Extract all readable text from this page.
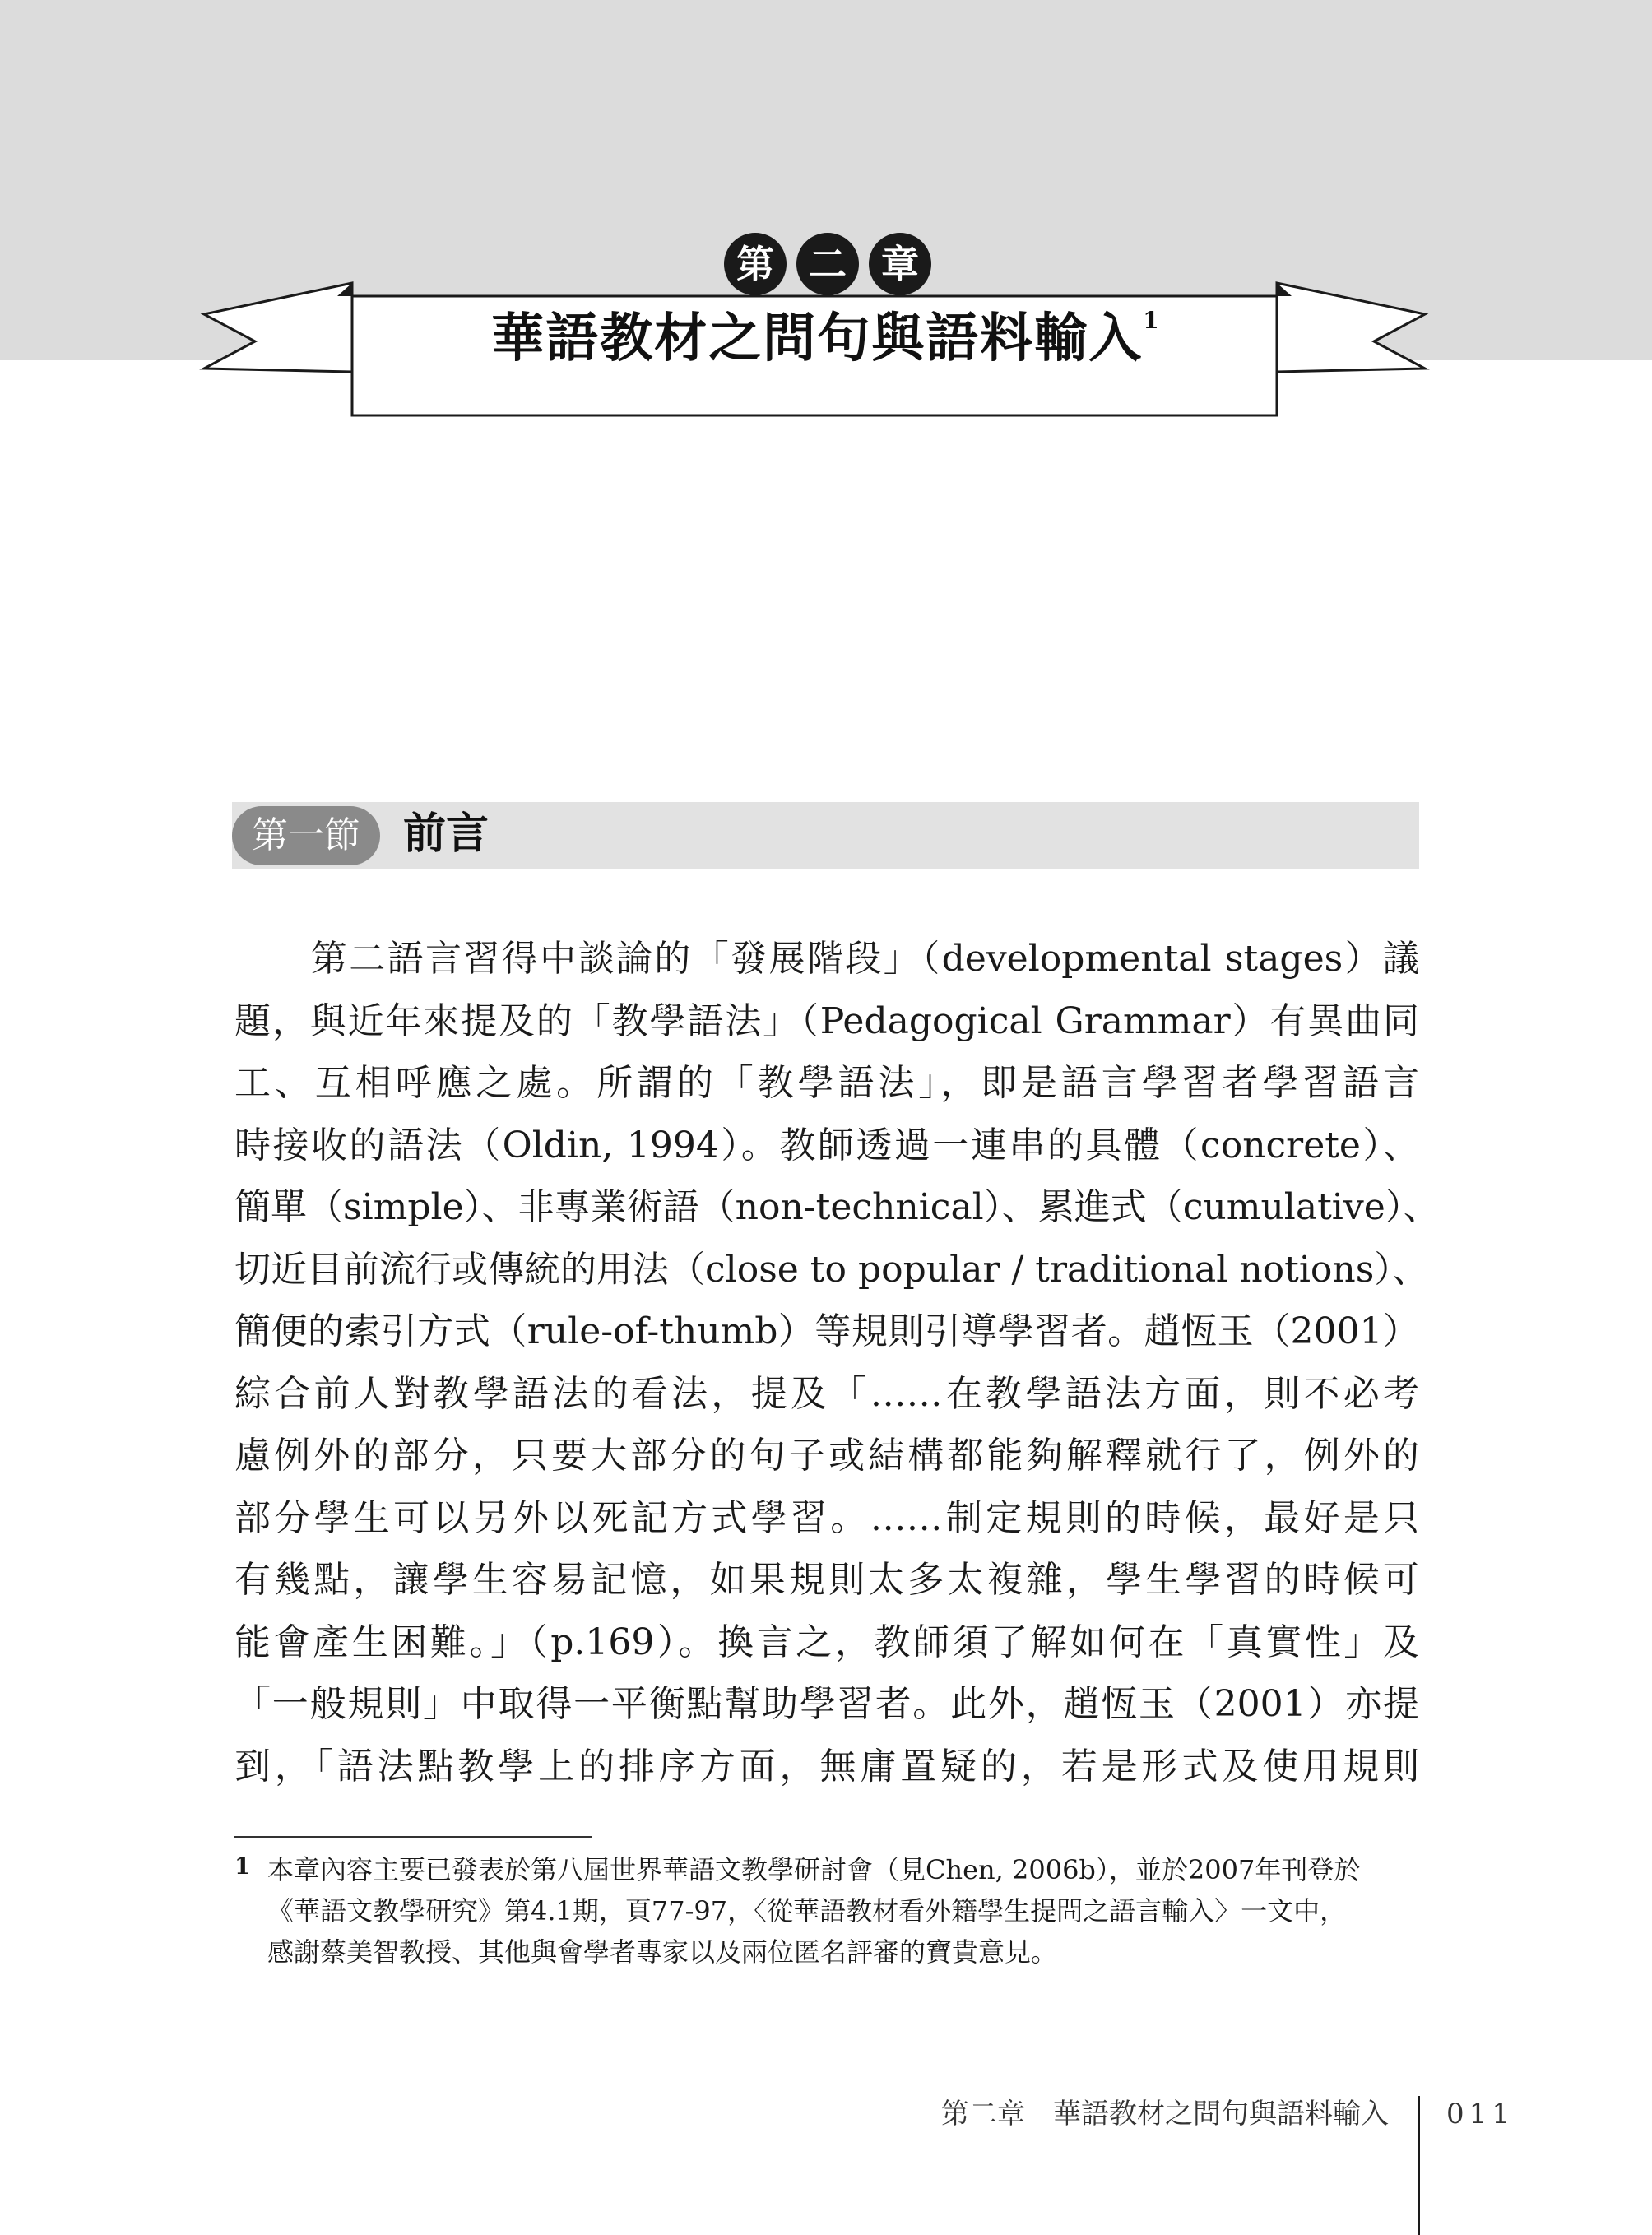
第 二 章
華語教材之問句與語料輸入$^1$
第一節	前言
　　第二語言習得中談論的「發展階段」（developmental stages）議
題，與近年來提及的「教學語法」（Pedagogical Grammar）有異曲同
工、互相呼應之處。所謂的「教學語法」，即是語言學習者學習語言
時接收的語法（Oldin, 1994）。教師透過一連串的具體（concrete）、
簡單（simple）、非專業術語（non-technical）、累進式（cumulative）、
切近目前流行或傳統的用法（close to popular / traditional notions）、
簡便的索引方式（rule-of-thumb）等規則引導學習者。趙恆玉（2001）
綜合前人對教學語法的看法，提及「……在教學語法方面，則不必考
慮例外的部分，只要大部分的句子或結構都能夠解釋就行了，例外的
部分學生可以另外以死記方式學習。……制定規則的時候，最好是只
有幾點，讓學生容易記憶，如果規則太多太複雜，學生學習的時候可
能會產生困難。」（p.169）。換言之，教師須了解如何在「真實性」及
「一般規則」中取得一平衡點幫助學習者。此外，趙恆玉（2001）亦提
到，「語法點教學上的排序方面，無庸置疑的，若是形式及使用規則
1 本章內容主要已發表於第八屆世界華語文教學研討會（見Chen, 2006b），並於2007年刊登於
《華語文教學研究》第4.1期，頁77-97，〈從華語教材看外籍學生提問之語言輸入〉一文中，
感謝蔡美智教授、其他與會學者專家以及兩位匿名評審的寶貴意見。
第二章　華語教材之問句與語料輸入 011
